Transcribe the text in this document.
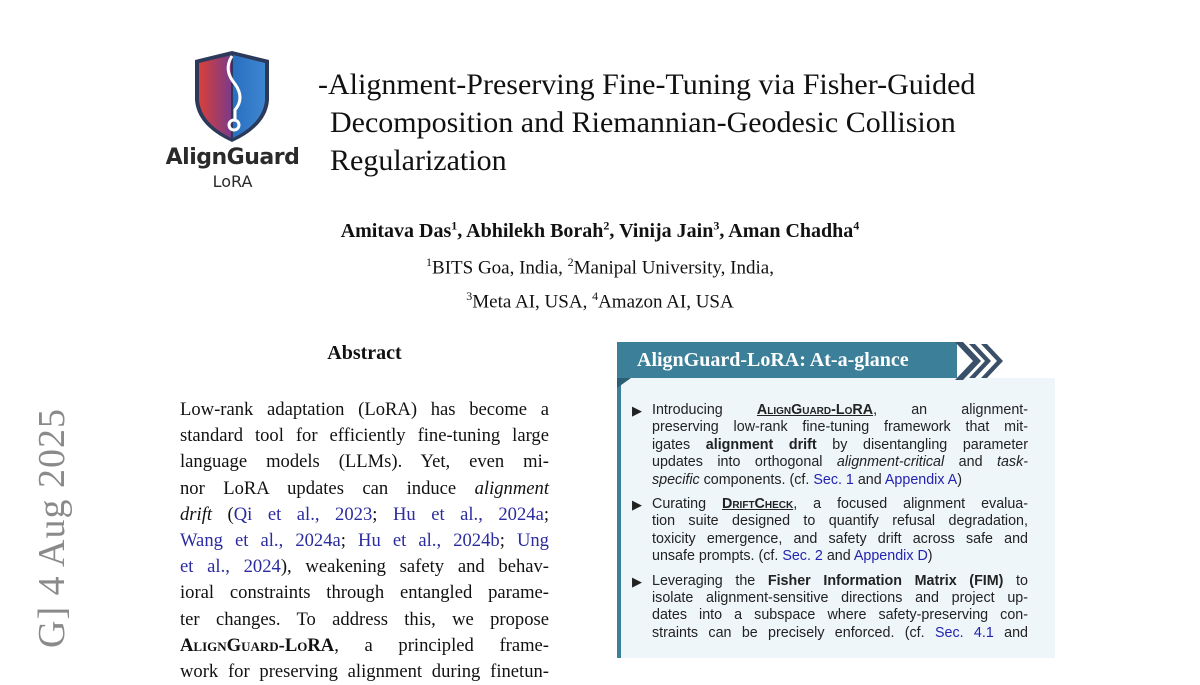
AlignGuard
LoRA
-Alignment-Preserving Fine-Tuning via Fisher-Guided
Decomposition and Riemannian-Geodesic Collision
Regularization
Amitava Das$^1$, Abhilekh Borah$^2$, Vinija Jain$^3$, Aman Chadha$^4$
$^1$BITS Goa, India, $^2$Manipal University, India,
$^3$Meta AI, USA, $^4$Amazon AI, USA
G] 4 Aug 2025
Abstract
Low-rank adaptation (LoRA) has become a
standard tool for efficiently fine-tuning large
language models (LLMs). Yet, even mi-
nor LoRA updates can induce alignment
drift (Qi et al., 2023; Hu et al., 2024a;
Wang et al., 2024a; Hu et al., 2024b; Ung
et al., 2024), weakening safety and behav-
ioral constraints through entangled parame-
ter changes. To address this, we propose
AlignGuard-LoRA, a principled frame-
work for preserving alignment during finetun-
AlignGuard-LoRA: At-a-glance
▶ Introducing AlignGuard-LoRA, an alignment-
preserving low-rank fine-tuning framework that mit-
igates alignment drift by disentangling parameter
updates into orthogonal alignment-critical and task-
specific components. (cf. Sec. 1 and Appendix A)
▶ Curating DriftCheck, a focused alignment evalua-
tion suite designed to quantify refusal degradation,
toxicity emergence, and safety drift across safe and
unsafe prompts. (cf. Sec. 2 and Appendix D)
▶ Leveraging the Fisher Information Matrix (FIM) to
isolate alignment-sensitive directions and project up-
dates into a subspace where safety-preserving con-
straints can be precisely enforced. (cf. Sec. 4.1 and
